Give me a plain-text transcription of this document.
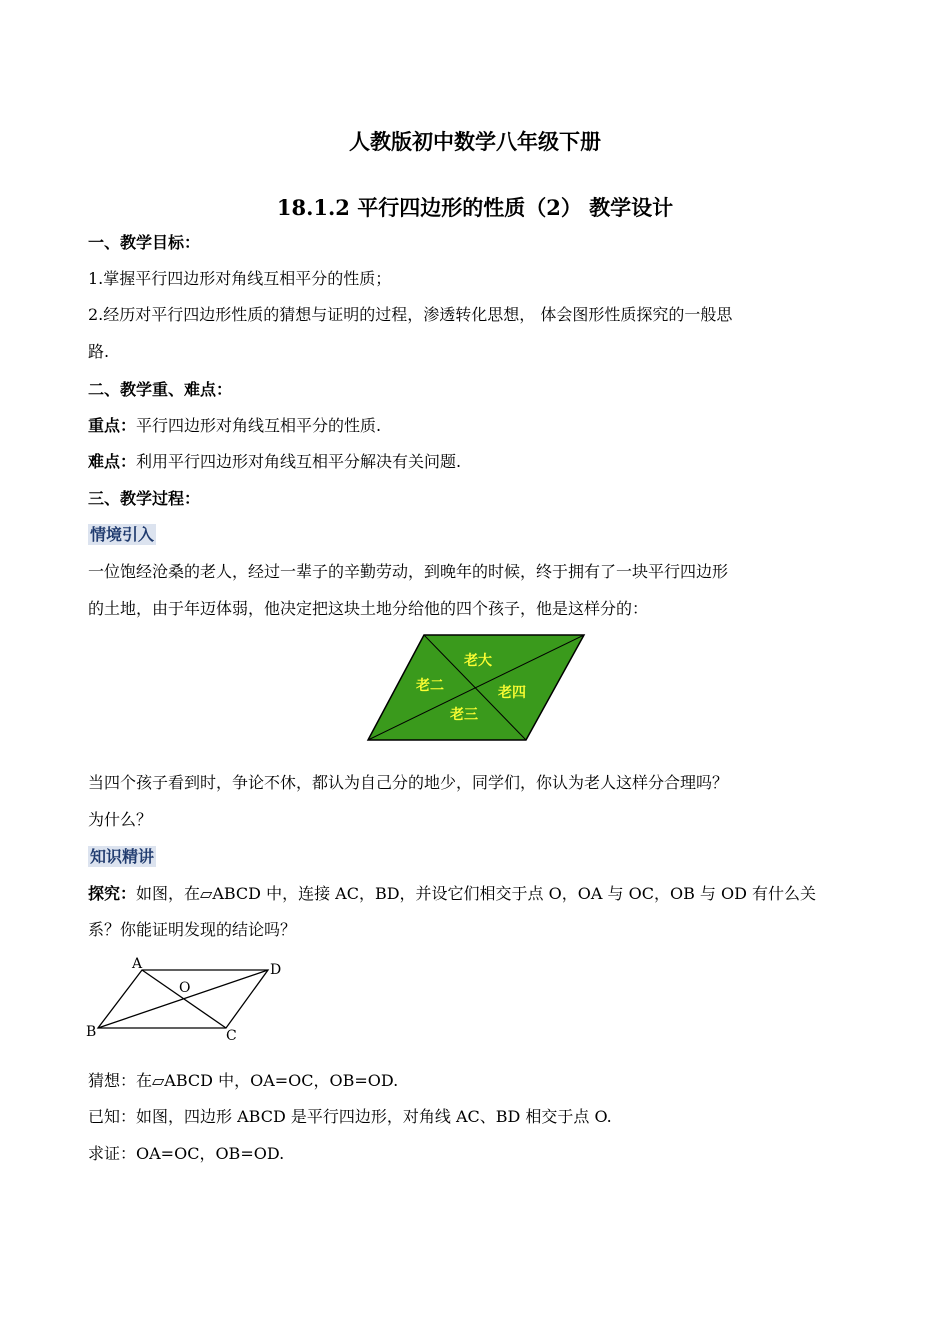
人教版初中数学八年级下册
18.1.2 平行四边形的性质（2） 教学设计
一、教学目标：
1.掌握平行四边形对角线互相平分的性质；
2.经历对平行四边形性质的猜想与证明的过程，渗透转化思想， 体会图形性质探究的一般思
路.
二、教学重、难点：
重点：平行四边形对角线互相平分的性质.
难点：利用平行四边形对角线互相平分解决有关问题.
三、教学过程：
情境引入
一位饱经沧桑的老人，经过一辈子的辛勤劳动，到晚年的时候，终于拥有了一块平行四边形
的土地，由于年迈体弱，他决定把这块土地分给他的四个孩子，他是这样分的：
老大
老二	老四
老三
当四个孩子看到时，争论不休，都认为自己分的地少，同学们，你认为老人这样分合理吗？
为什么？
知识精讲
探究：如图，在▱ABCD 中，连接 AC，BD，并设它们相交于点 O，OA 与 OC，OB 与 OD 有什么关
系？你能证明发现的结论吗？
A	D
B	C
O
猜想：在▱ABCD 中，OA=OC，OB=OD.
已知：如图，四边形 ABCD 是平行四边形，对角线 AC、BD 相交于点 O.
求证：OA=OC，OB=OD.
